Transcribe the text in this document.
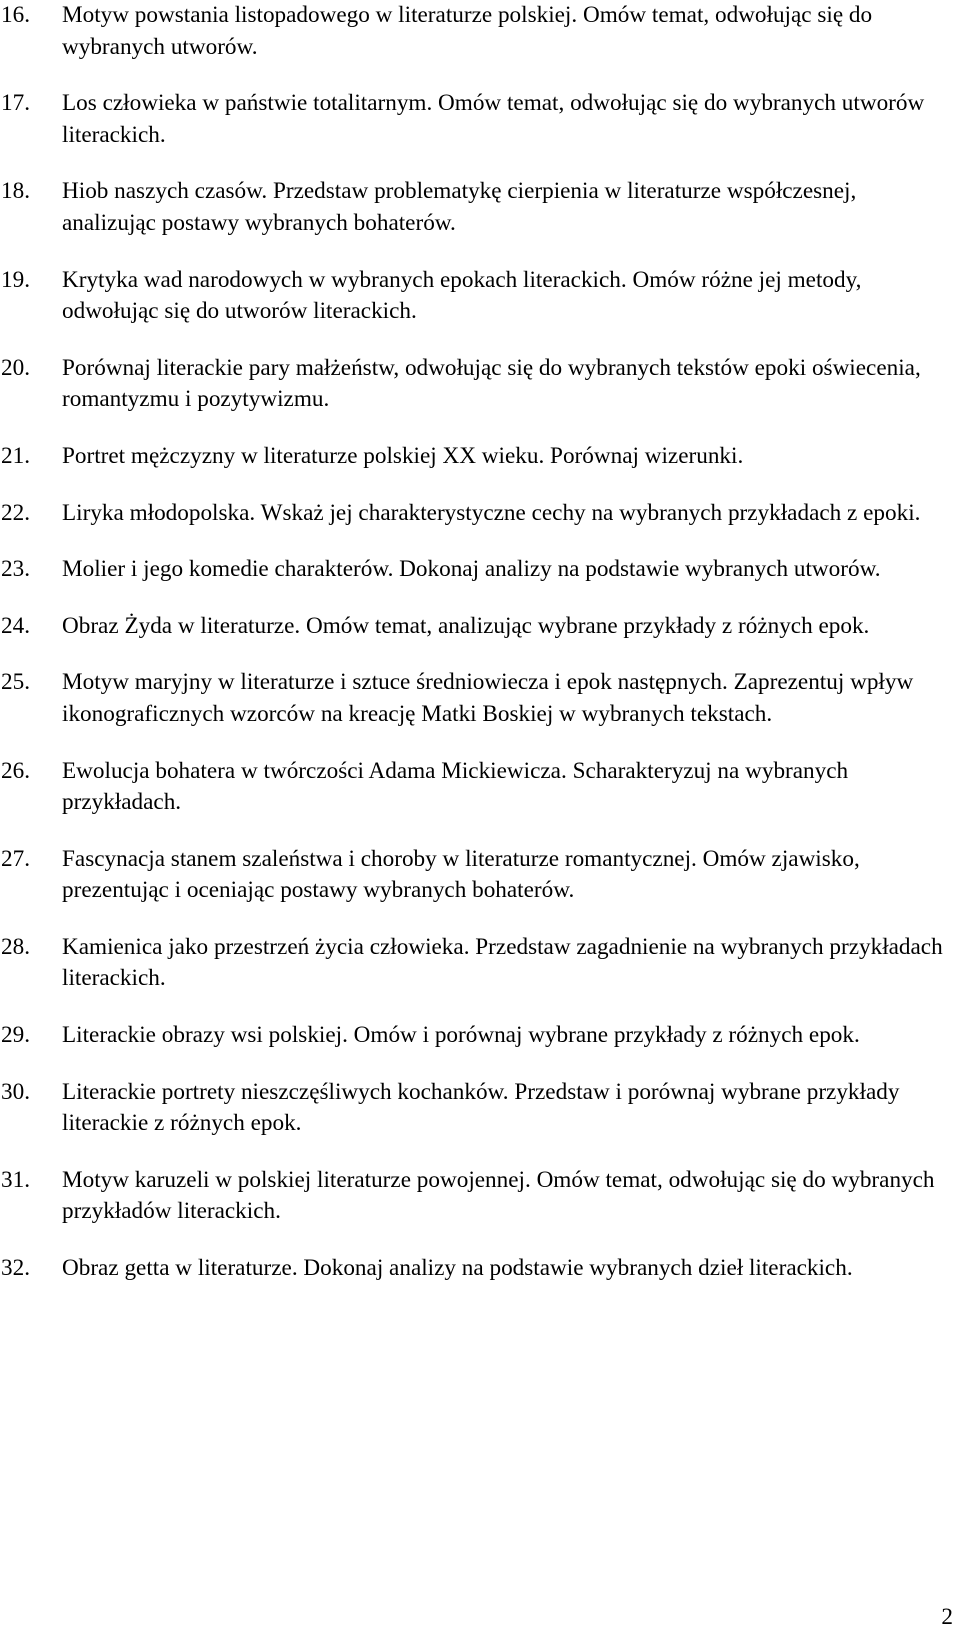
16. Motyw powstania listopadowego w literaturze polskiej. Omów temat, odwołując się do wybranych utworów.
17. Los człowieka w państwie totalitarnym. Omów temat, odwołując się do wybranych utworów literackich.
18. Hiob naszych czasów. Przedstaw problematykę cierpienia w literaturze współczesnej, analizując postawy wybranych bohaterów.
19. Krytyka wad narodowych w wybranych epokach literackich. Omów różne jej metody, odwołując się do utworów literackich.
20. Porównaj literackie pary małżeństw, odwołując się do wybranych tekstów epoki oświecenia, romantyzmu i pozytywizmu.
21. Portret mężczyzny w literaturze polskiej XX wieku. Porównaj wizerunki.
22. Liryka młodopolska. Wskaż jej charakterystyczne cechy na wybranych przykładach z epoki.
23. Molier i jego komedie charakterów. Dokonaj analizy na podstawie wybranych utworów.
24. Obraz Żyda w literaturze. Omów temat, analizując wybrane przykłady z różnych epok.
25. Motyw maryjny w literaturze i sztuce średniowiecza i epok następnych. Zaprezentuj wpływ ikonograficznych wzorców na kreację Matki Boskiej w wybranych tekstach.
26. Ewolucja bohatera w twórczości Adama Mickiewicza. Scharakteryzuj na wybranych przykładach.
27. Fascynacja stanem szaleństwa i choroby w literaturze romantycznej. Omów zjawisko, prezentując i oceniając postawy wybranych bohaterów.
28. Kamienica jako przestrzeń życia człowieka. Przedstaw zagadnienie na wybranych przykładach literackich.
29. Literackie obrazy wsi polskiej. Omów i porównaj wybrane przykłady z różnych epok.
30. Literackie portrety nieszczęśliwych kochanków. Przedstaw i porównaj wybrane przykłady literackie z różnych epok.
31. Motyw karuzeli w polskiej literaturze powojennej. Omów temat, odwołując się do wybranych przykładów literackich.
32. Obraz getta w literaturze. Dokonaj analizy na podstawie wybranych dzieł literackich.
2
